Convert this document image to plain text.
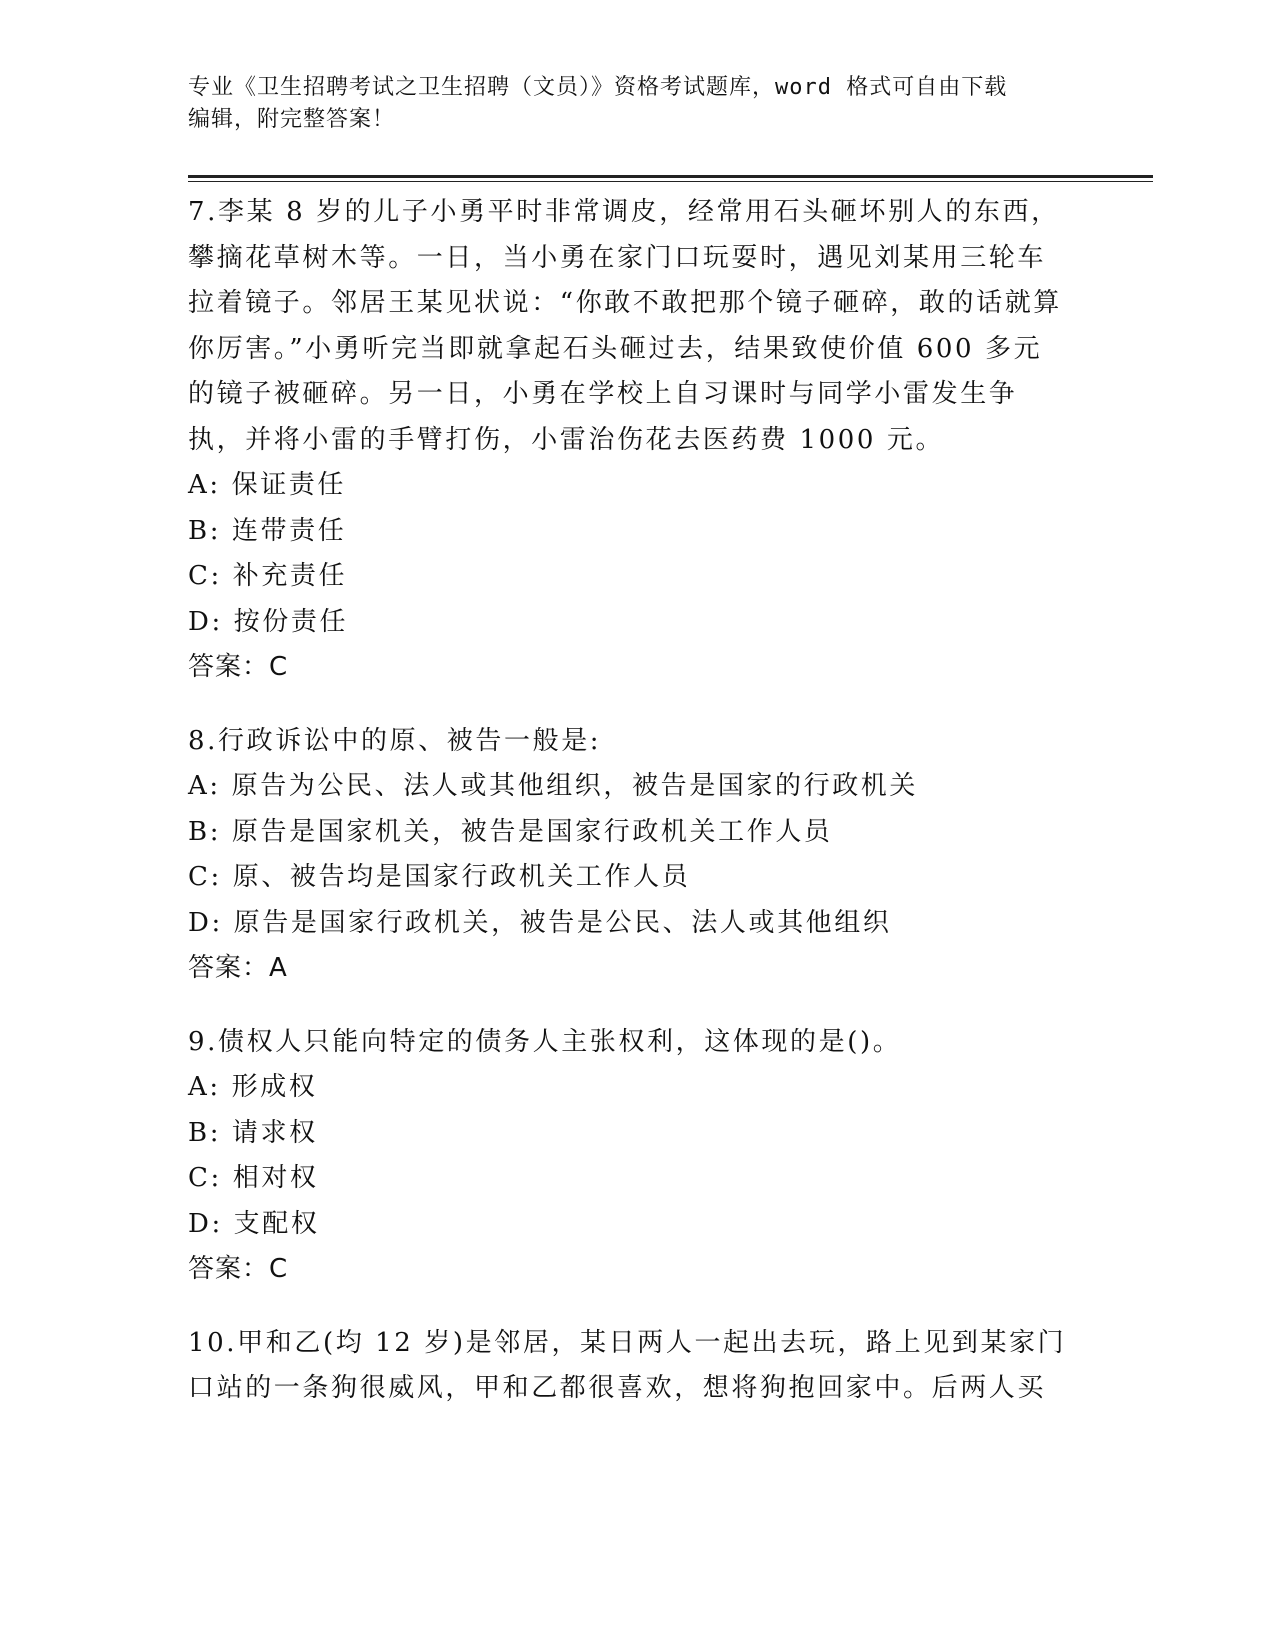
专业《卫生招聘考试之卫生招聘（文员）》资格考试题库，word 格式可自由下载
编辑，附完整答案！

7.李某 8 岁的儿子小勇平时非常调皮，经常用石头砸坏别人的东西，攀摘花草树木等。一日，当小勇在家门口玩耍时，遇见刘某用三轮车拉着镜子。邻居王某见状说：“你敢不敢把那个镜子砸碎，敢的话就算你厉害。”小勇听完当即就拿起石头砸过去，结果致使价值 600 多元的镜子被砸碎。另一日，小勇在学校上自习课时与同学小雷发生争执，并将小雷的手臂打伤，小雷治伤花去医药费 1000 元。

A: 保证责任

B: 连带责任

C: 补充责任

D: 按份责任

答案：C

8.行政诉讼中的原、被告一般是:

A: 原告为公民、法人或其他组织，被告是国家的行政机关

B: 原告是国家机关，被告是国家行政机关工作人员

C: 原、被告均是国家行政机关工作人员

D: 原告是国家行政机关，被告是公民、法人或其他组织

答案：A

9.债权人只能向特定的债务人主张权利，这体现的是()。

A: 形成权

B: 请求权

C: 相对权

D: 支配权

答案：C

10.甲和乙(均 12 岁)是邻居，某日两人一起出去玩，路上见到某家门口站的一条狗很威风，甲和乙都很喜欢，想将狗抱回家中。后两人买
